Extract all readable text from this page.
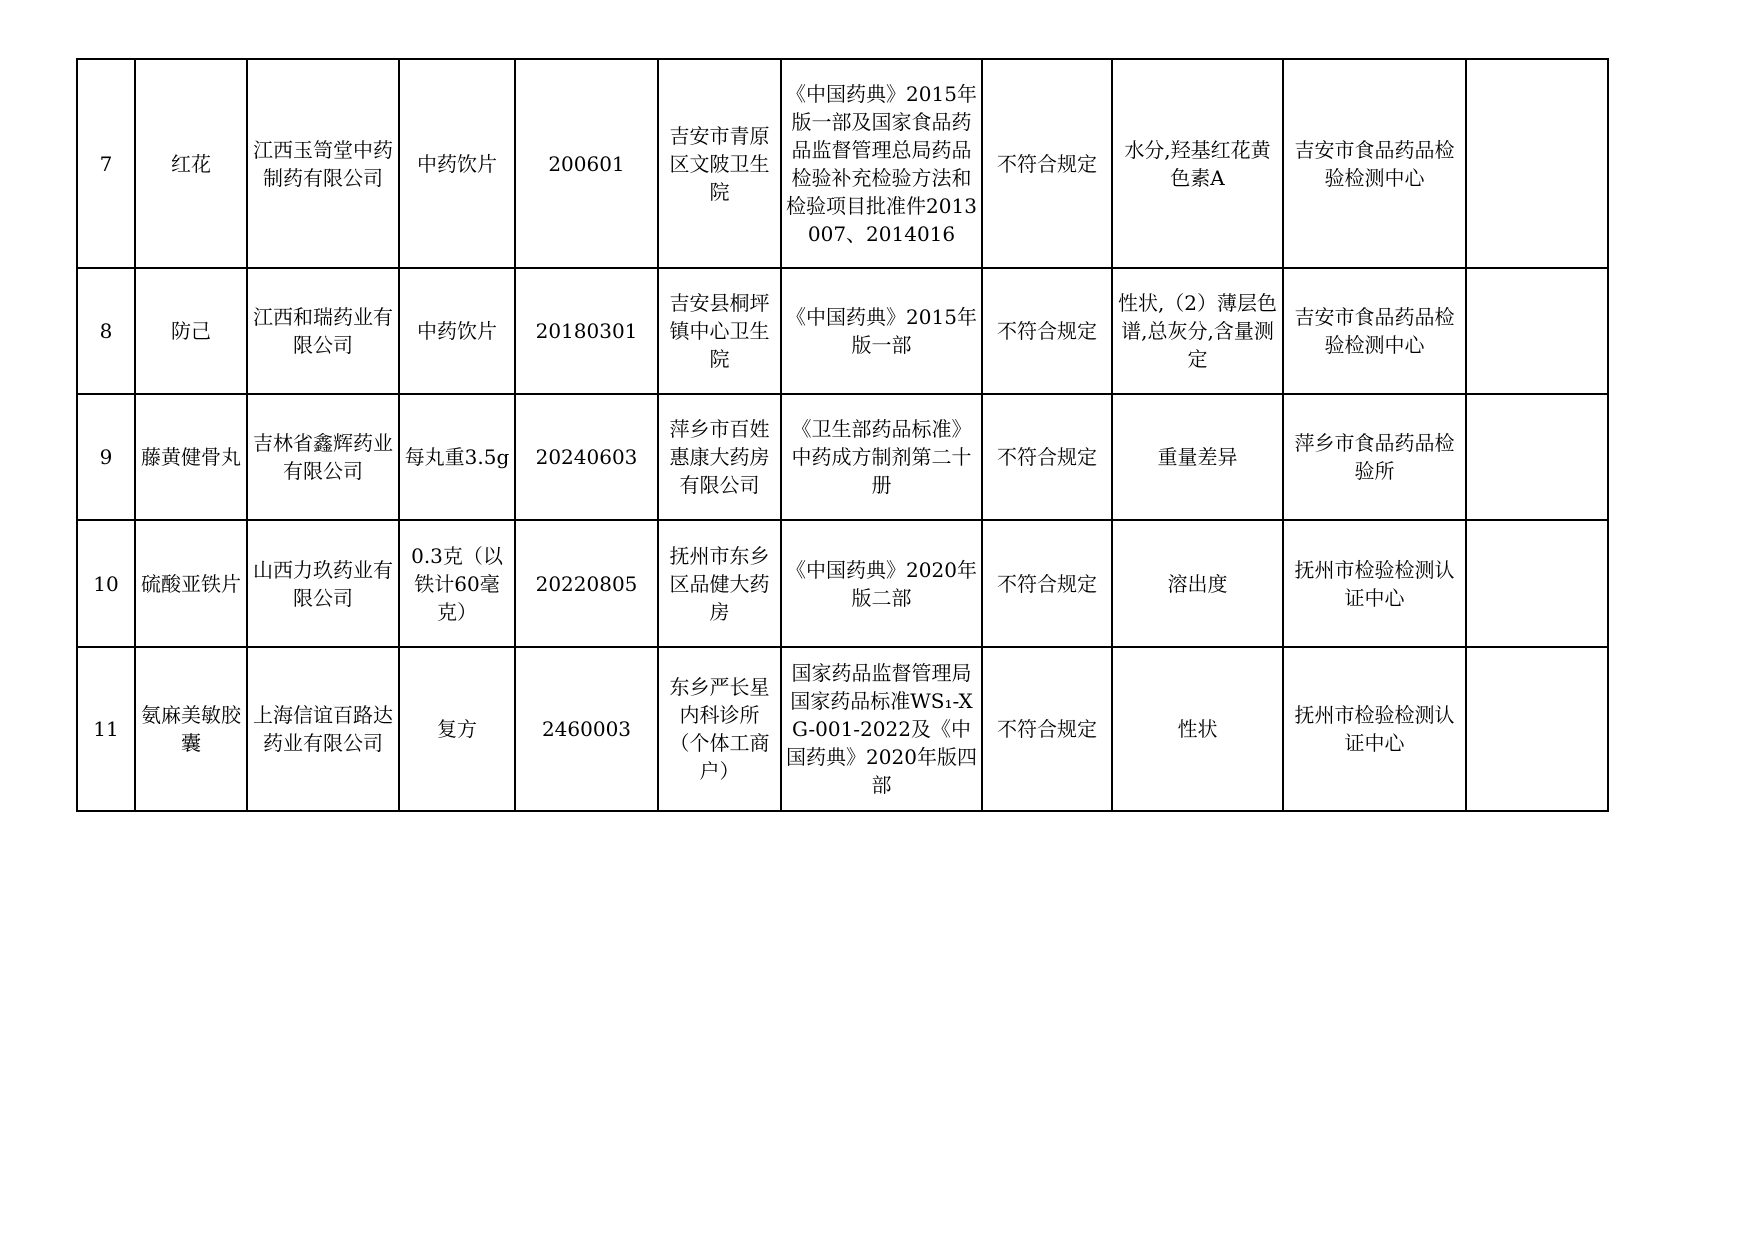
7	红花	江西玉笥堂中药制药有限公司	中药饮片	200601	吉安市青原区文陂卫生院	《中国药典》2015年版一部及国家食品药品监督管理总局药品检验补充检验方法和检验项目批准件2013007、2014016	不符合规定	水分,羟基红花黄色素A	吉安市食品药品检验检测中心	
8	防己	江西和瑞药业有限公司	中药饮片	20180301	吉安县桐坪镇中心卫生院	《中国药典》2015年版一部	不符合规定	性状,（2）薄层色谱,总灰分,含量测定	吉安市食品药品检验检测中心	
9	藤黄健骨丸	吉林省鑫辉药业有限公司	每丸重3.5g	20240603	萍乡市百姓惠康大药房有限公司	《卫生部药品标准》中药成方制剂第二十册	不符合规定	重量差异	萍乡市食品药品检验所	
10	硫酸亚铁片	山西力玖药业有限公司	0.3克（以铁计60毫克）	20220805	抚州市东乡区品健大药房	《中国药典》2020年版二部	不符合规定	溶出度	抚州市检验检测认证中心	
11	氨麻美敏胶囊	上海信谊百路达药业有限公司	复方	2460003	东乡严长星内科诊所（个体工商户）	国家药品监督管理局国家药品标准WS₁-XG-001-2022及《中国药典》2020年版四部	不符合规定	性状	抚州市检验检测认证中心	
